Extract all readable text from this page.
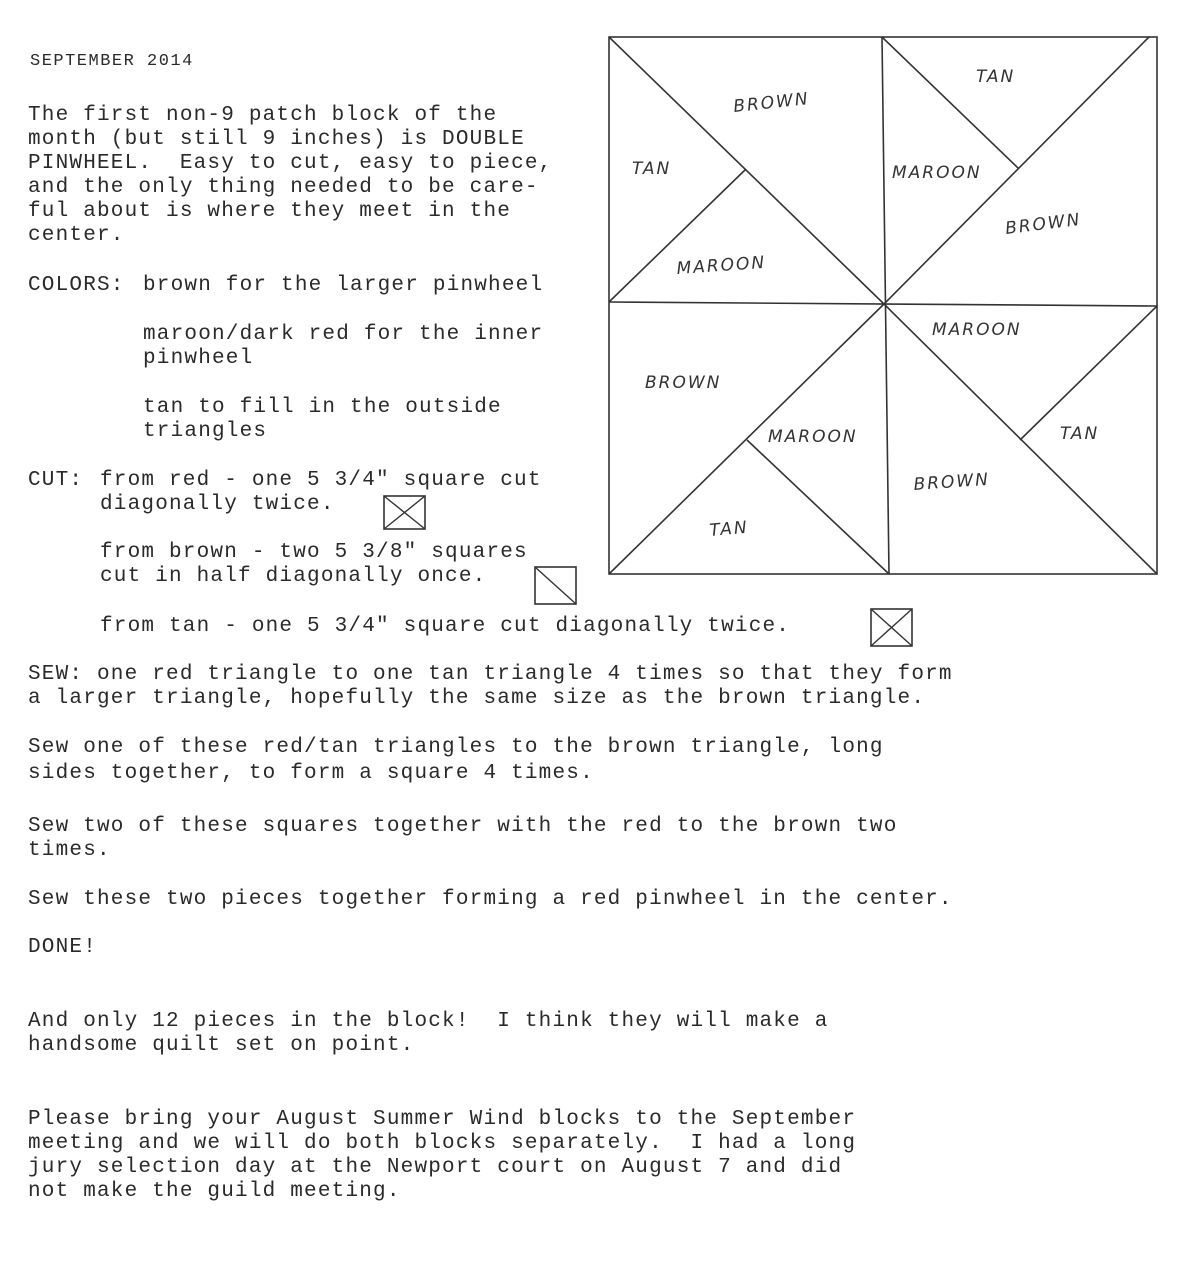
SEPTEMBER 2014
The first non-9 patch block of the
month (but still 9 inches) is DOUBLE
PINWHEEL.  Easy to cut, easy to piece,
and the only thing needed to be care-
ful about is where they meet in the
center.
COLORS: brown for the larger pinwheel
maroon/dark red for the inner
pinwheel
tan to fill in the outside
triangles
CUT: from red - one 5 3/4" square cut
diagonally twice.
from brown - two 5 3/8" squares
cut in half diagonally once.
from tan - one 5 3/4" square cut diagonally twice.
SEW: one red triangle to one tan triangle 4 times so that they form
a larger triangle, hopefully the same size as the brown triangle.
Sew one of these red/tan triangles to the brown triangle, long
sides together, to form a square 4 times.
Sew two of these squares together with the red to the brown two
times.
Sew these two pieces together forming a red pinwheel in the center.
DONE!
And only 12 pieces in the block!  I think they will make a
handsome quilt set on point.
Please bring your August Summer Wind blocks to the September
meeting and we will do both blocks separately.  I had a long
jury selection day at the Newport court on August 7 and did
not make the guild meeting.
BROWN
TAN
MAROON
TAN
MAROON
BROWN
BROWN
MAROON
TAN
MAROON
TAN
BROWN
